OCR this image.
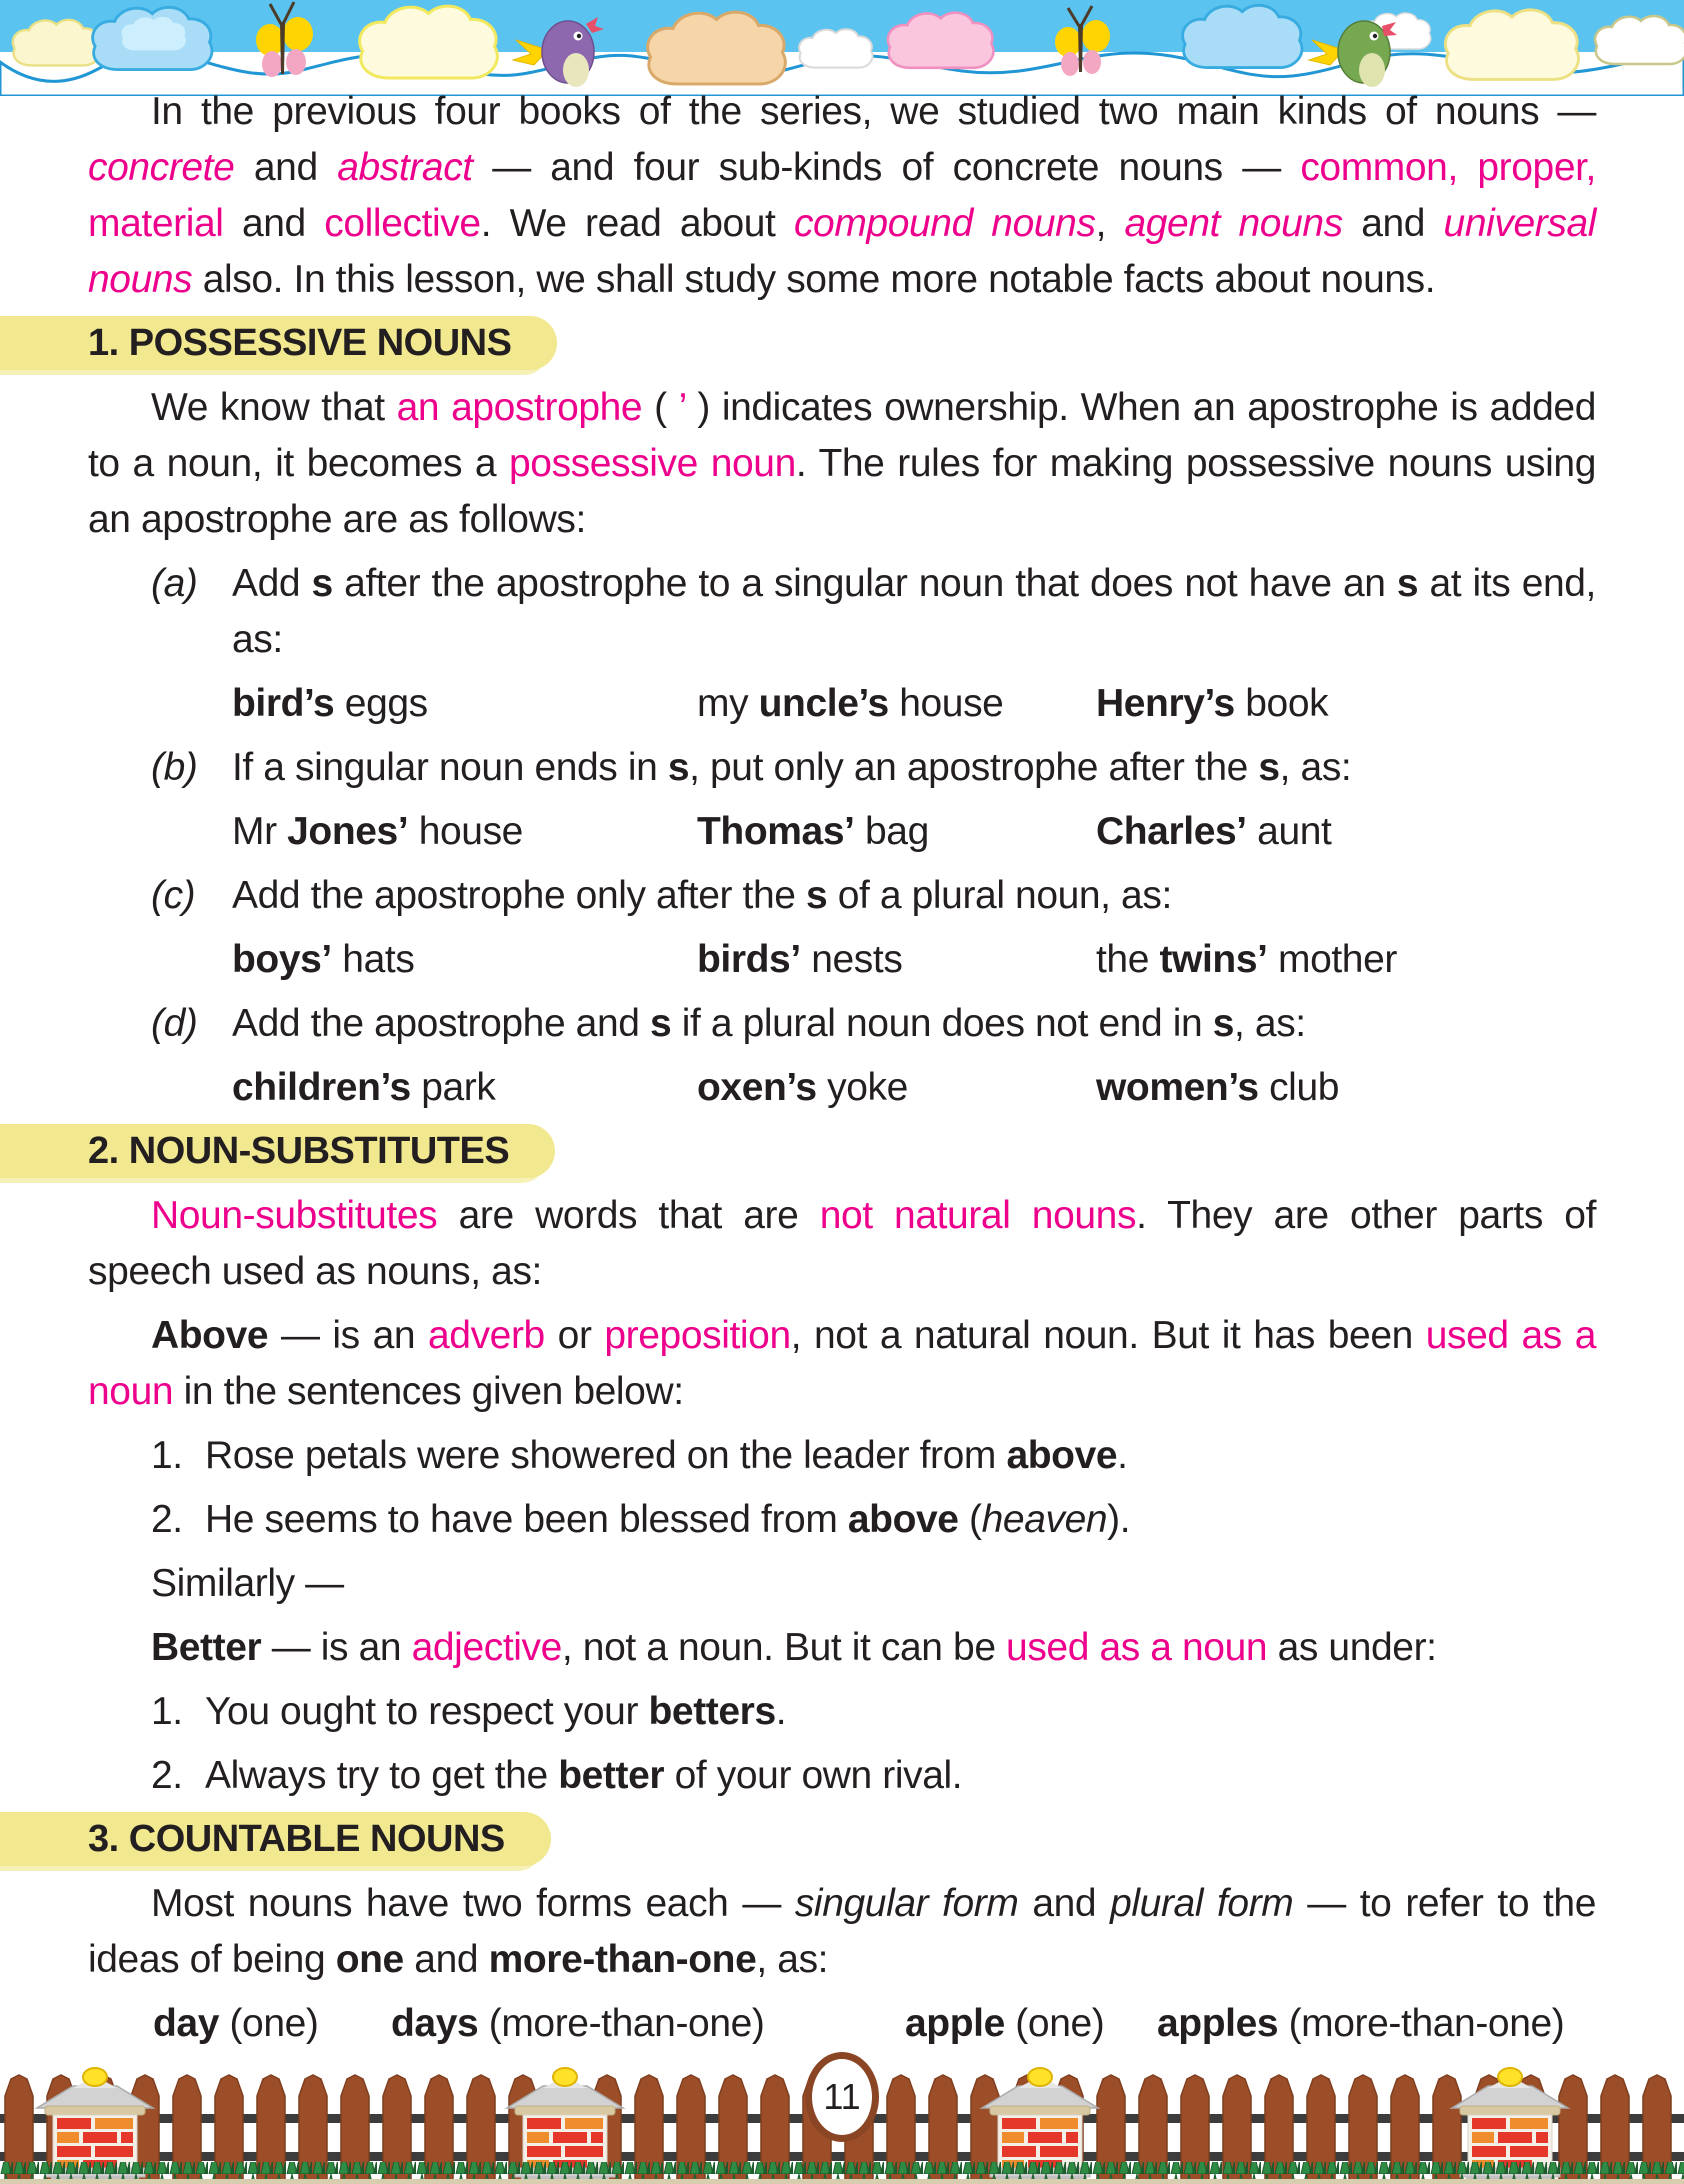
In the previous four books of the series, we studied two main kinds of nouns — concrete and abstract — and four sub-kinds of concrete nouns — common, proper, material and collective. We read about compound nouns, agent nouns and universal nouns also. In this lesson, we shall study some more notable facts about nouns.

1. POSSESSIVE NOUNS

We know that an apostrophe ( ’ ) indicates ownership. When an apostrophe is added to a noun, it becomes a possessive noun. The rules for making possessive nouns using an apostrophe are as follows:

(a) Add s after the apostrophe to a singular noun that does not have an s at its end, as:
bird’s eggs	my uncle’s house	Henry’s book
(b) If a singular noun ends in s, put only an apostrophe after the s, as:
Mr Jones’ house	Thomas’ bag	Charles’ aunt
(c) Add the apostrophe only after the s of a plural noun, as:
boys’ hats	birds’ nests	the twins’ mother
(d) Add the apostrophe and s if a plural noun does not end in s, as:
children’s park	oxen’s yoke	women’s club
2. NOUN-SUBSTITUTES

Noun-substitutes are words that are not natural nouns. They are other parts of speech used as nouns, as:

Above — is an adverb or preposition, not a natural noun. But it has been used as a noun in the sentences given below:

1. Rose petals were showered on the leader from above.
2. He seems to have been blessed from above (heaven).

Similarly —

Better — is an adjective, not a noun. But it can be used as a noun as under:

1. You ought to respect your betters.
2. Always try to get the better of your own rival.
3. COUNTABLE NOUNS

Most nouns have two forms each — singular form and plural form — to refer to the ideas of being one and more-than-one, as:

day (one)	days (more-than-one)	apple (one)	apples (more-than-one)
11
